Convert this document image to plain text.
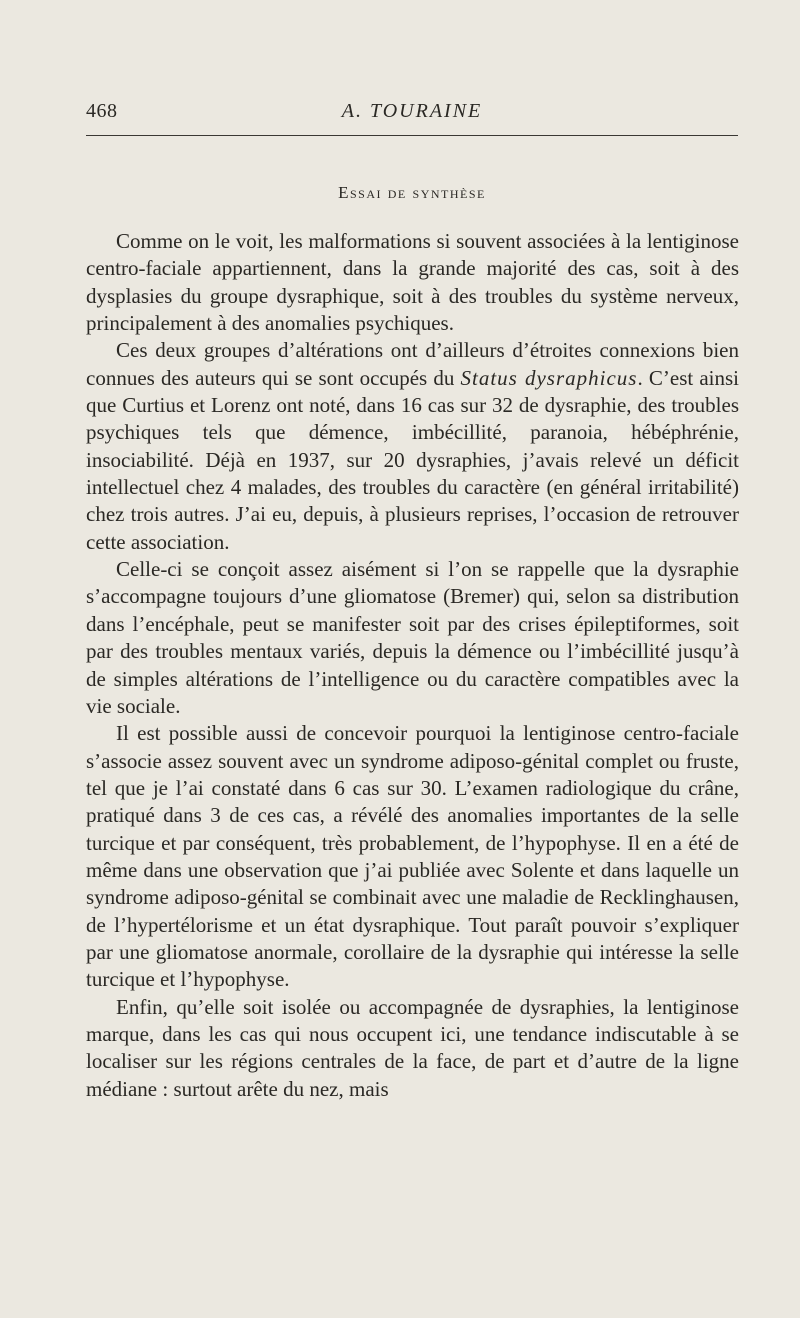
468	A. TOURAINE
Essai de synthèse

Comme on le voit, les malformations si souvent associées à la lentiginose centro-faciale appartiennent, dans la grande majorité des cas, soit à des dysplasies du groupe dysraphique, soit à des troubles du système nerveux, principalement à des anomalies psychiques.

Ces deux groupes d’altérations ont d’ailleurs d’étroites connexions bien connues des auteurs qui se sont occupés du Status dysraphicus. C’est ainsi que Curtius et Lorenz ont noté, dans 16 cas sur 32 de dysraphie, des troubles psychiques tels que démence, imbécillité, paranoia, hébéphrénie, insociabilité. Déjà en 1937, sur 20 dysraphies, j’avais relevé un déficit intellectuel chez 4 malades, des troubles du caractère (en général irritabilité) chez trois autres. J’ai eu, depuis, à plusieurs reprises, l’occasion de retrouver cette association.

Celle-ci se conçoit assez aisément si l’on se rappelle que la dysraphie s’accompagne toujours d’une gliomatose (Bremer) qui, selon sa distribution dans l’encéphale, peut se manifester soit par des crises épileptiformes, soit par des troubles mentaux variés, depuis la démence ou l’imbécillité jusqu’à de simples altérations de l’intelligence ou du caractère compatibles avec la vie sociale.

Il est possible aussi de concevoir pourquoi la lentiginose centro-faciale s’associe assez souvent avec un syndrome adiposo-génital complet ou fruste, tel que je l’ai constaté dans 6 cas sur 30. L’examen radiologique du crâne, pratiqué dans 3 de ces cas, a révélé des anomalies importantes de la selle turcique et par conséquent, très probablement, de l’hypophyse. Il en a été de même dans une observation que j’ai publiée avec Solente et dans laquelle un syndrome adiposo-génital se combinait avec une maladie de Recklinghausen, de l’hypertélorisme et un état dysraphique. Tout paraît pouvoir s’expliquer par une gliomatose anormale, corollaire de la dysraphie qui intéresse la selle turcique et l’hypophyse.

Enfin, qu’elle soit isolée ou accompagnée de dysraphies, la lentiginose marque, dans les cas qui nous occupent ici, une tendance indiscutable à se localiser sur les régions centrales de la face, de part et d’autre de la ligne médiane : surtout arête du nez, mais
